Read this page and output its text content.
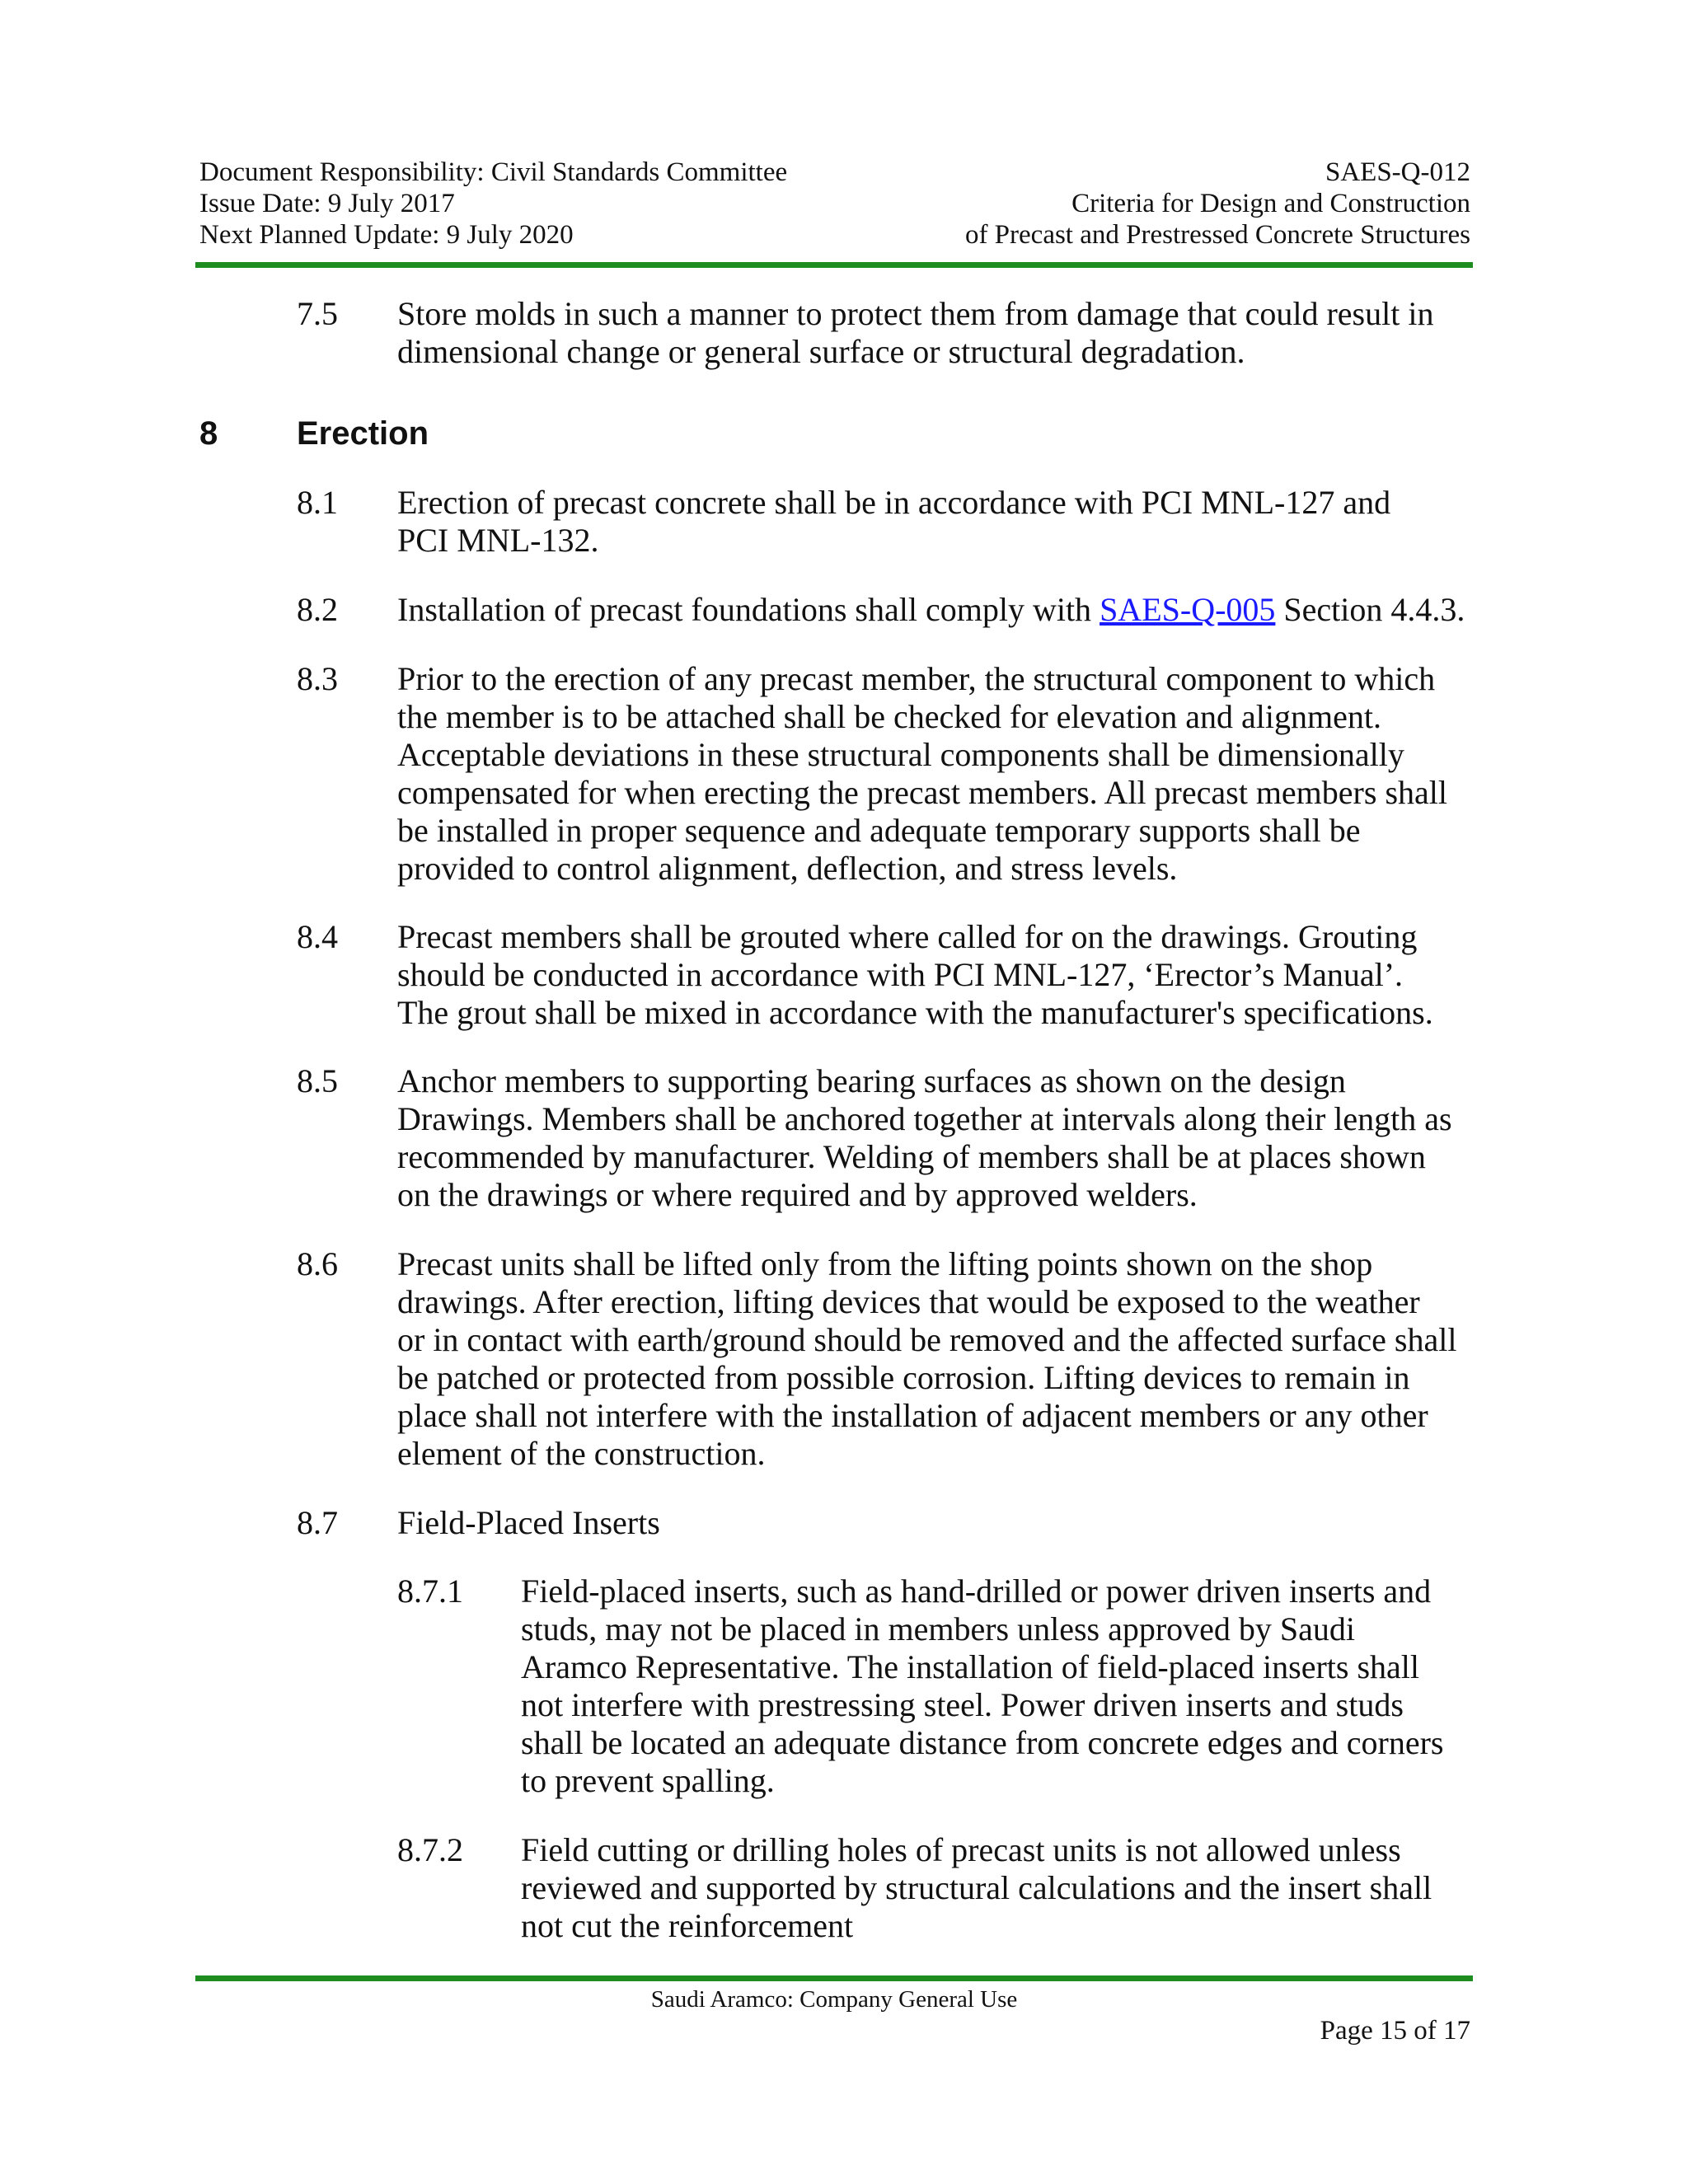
Document Responsibility: Civil Standards Committee
Issue Date: 9 July 2017
Next Planned Update: 9 July 2020
SAES-Q-012
Criteria for Design and Construction
of Precast and Prestressed Concrete Structures
7.5 Store molds in such a manner to protect them from damage that could result in
dimensional change or general surface or structural degradation.
8 Erection
8.1 Erection of precast concrete shall be in accordance with PCI MNL-127 and
PCI MNL-132.
8.2 Installation of precast foundations shall comply with SAES-Q-005 Section 4.4.3.
8.3 Prior to the erection of any precast member, the structural component to which
the member is to be attached shall be checked for elevation and alignment.
Acceptable deviations in these structural components shall be dimensionally
compensated for when erecting the precast members. All precast members shall
be installed in proper sequence and adequate temporary supports shall be
provided to control alignment, deflection, and stress levels.
8.4 Precast members shall be grouted where called for on the drawings. Grouting
should be conducted in accordance with PCI MNL-127, ‘Erector’s Manual’.
The grout shall be mixed in accordance with the manufacturer's specifications.
8.5 Anchor members to supporting bearing surfaces as shown on the design
Drawings. Members shall be anchored together at intervals along their length as
recommended by manufacturer. Welding of members shall be at places shown
on the drawings or where required and by approved welders.
8.6 Precast units shall be lifted only from the lifting points shown on the shop
drawings. After erection, lifting devices that would be exposed to the weather
or in contact with earth/ground should be removed and the affected surface shall
be patched or protected from possible corrosion. Lifting devices to remain in
place shall not interfere with the installation of adjacent members or any other
element of the construction.
8.7 Field-Placed Inserts
8.7.1 Field-placed inserts, such as hand-drilled or power driven inserts and
studs, may not be placed in members unless approved by Saudi
Aramco Representative. The installation of field-placed inserts shall
not interfere with prestressing steel. Power driven inserts and studs
shall be located an adequate distance from concrete edges and corners
to prevent spalling.
8.7.2 Field cutting or drilling holes of precast units is not allowed unless
reviewed and supported by structural calculations and the insert shall
not cut the reinforcement
Saudi Aramco: Company General Use
Page 15 of 17
